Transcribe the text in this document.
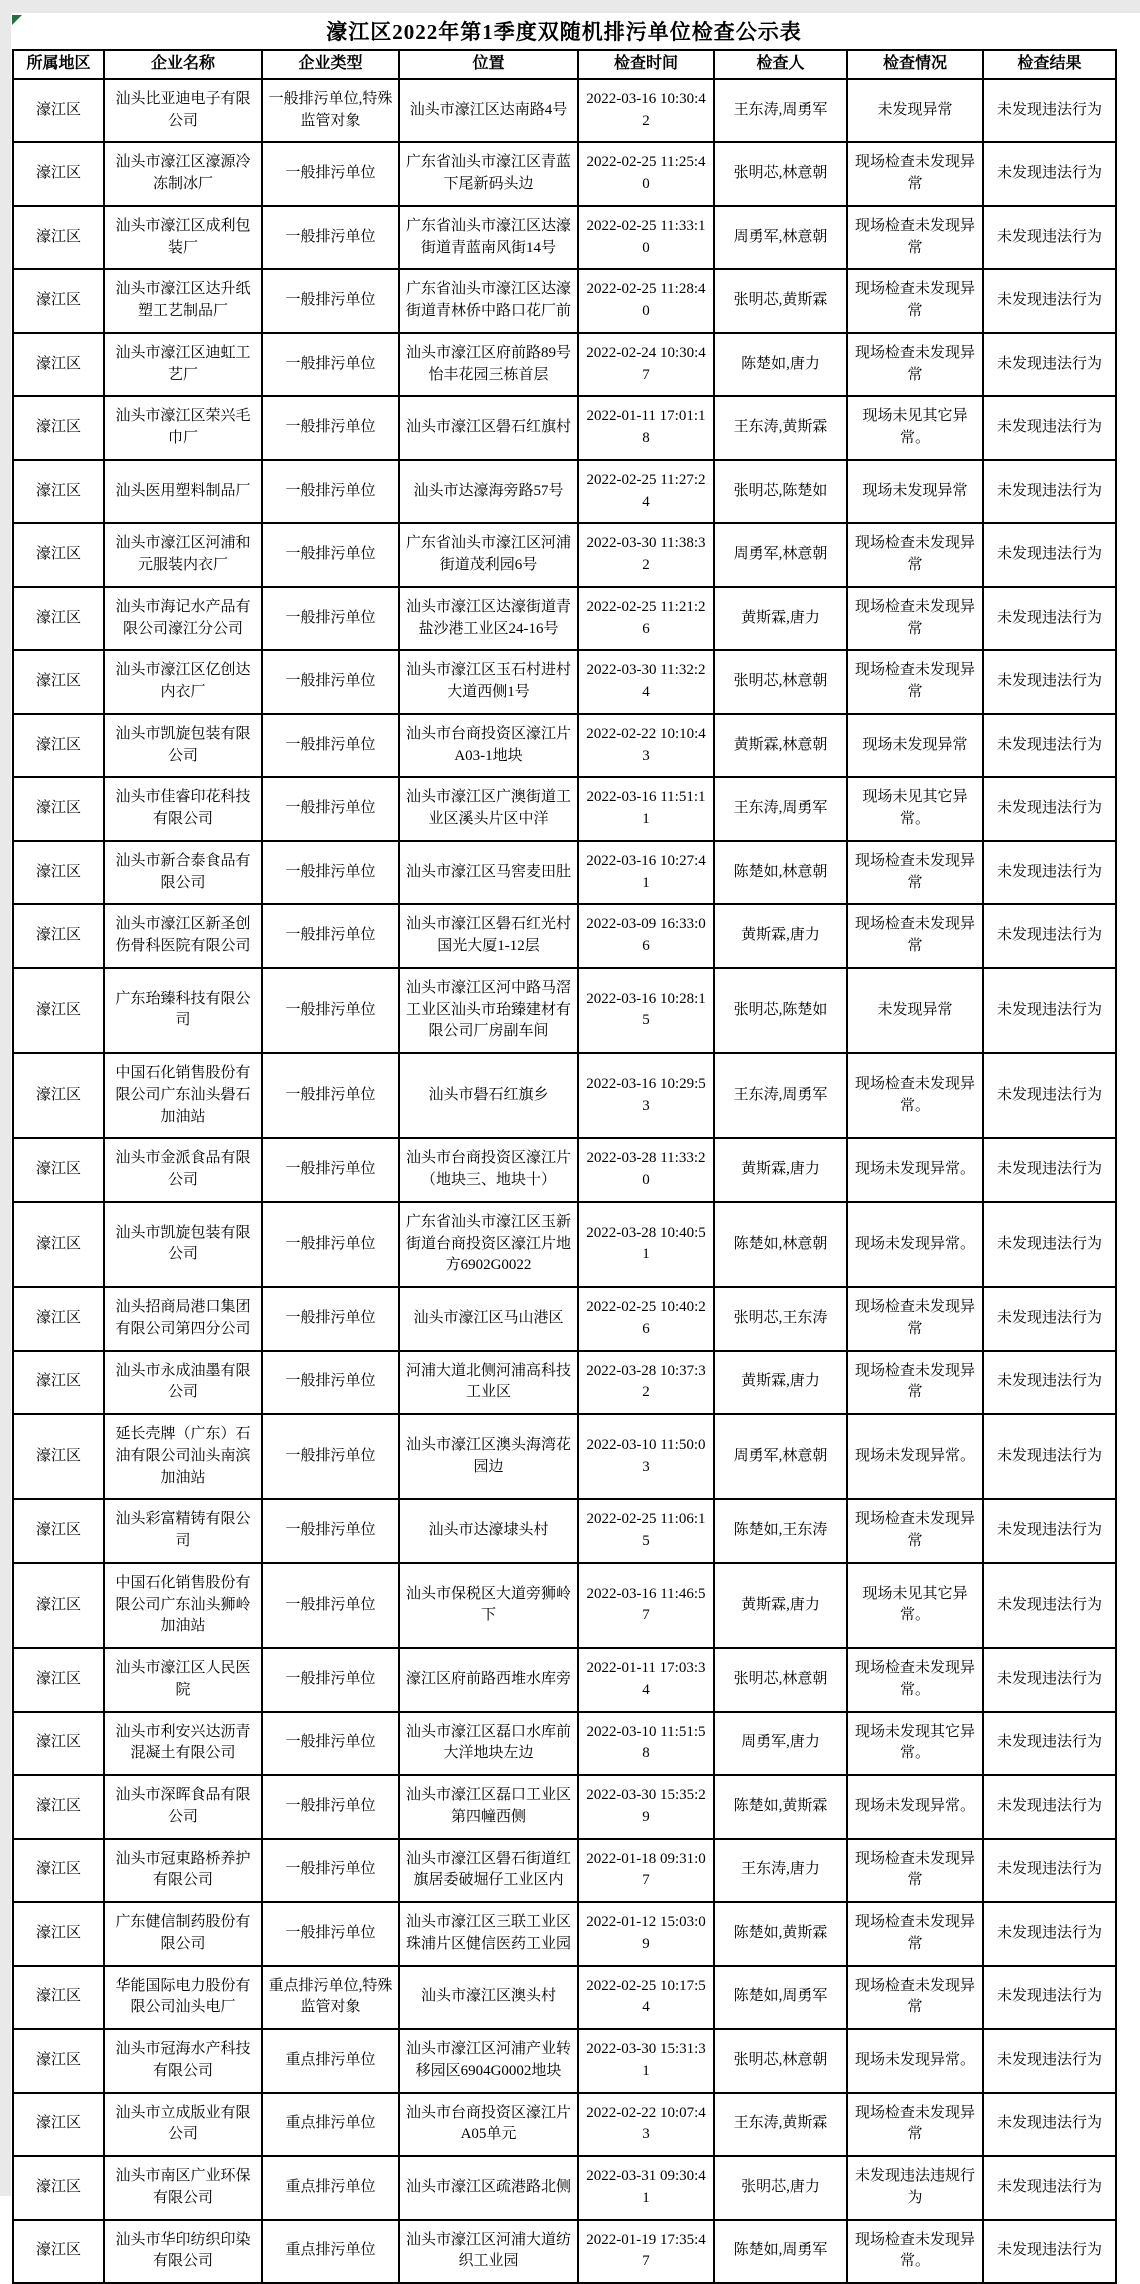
濠江区2022年第1季度双随机排污单位检查公示表
所属地区	企业名称	企业类型	位置	检查时间	检查人	检查情况	检查结果
濠江区	汕头比亚迪电子有限公司	一般排污单位,特殊监管对象	汕头市濠江区达南路4号	2022-03-16 10:30:42	王东涛,周勇军	未发现异常	未发现违法行为
濠江区	汕头市濠江区濠源冷冻制冰厂	一般排污单位	广东省汕头市濠江区青蓝下尾新码头边	2022-02-25 11:25:40	张明芯,林意朝	现场检查未发现异常	未发现违法行为
濠江区	汕头市濠江区成利包装厂	一般排污单位	广东省汕头市濠江区达濠街道青蓝南风街14号	2022-02-25 11:33:10	周勇军,林意朝	现场检查未发现异常	未发现违法行为
濠江区	汕头市濠江区达升纸塑工艺制品厂	一般排污单位	广东省汕头市濠江区达濠街道青林侨中路口花厂前	2022-02-25 11:28:40	张明芯,黄斯霖	现场检查未发现异常	未发现违法行为
濠江区	汕头市濠江区迪虹工艺厂	一般排污单位	汕头市濠江区府前路89号怡丰花园三栋首层	2022-02-24 10:30:47	陈楚如,唐力	现场检查未发现异常	未发现违法行为
濠江区	汕头市濠江区荣兴毛巾厂	一般排污单位	汕头市濠江区礐石红旗村	2022-01-11 17:01:18	王东涛,黄斯霖	现场未见其它异常。	未发现违法行为
濠江区	汕头医用塑料制品厂	一般排污单位	汕头市达濠海旁路57号	2022-02-25 11:27:24	张明芯,陈楚如	现场未发现异常	未发现违法行为
濠江区	汕头市濠江区河浦和元服装内衣厂	一般排污单位	广东省汕头市濠江区河浦街道茂利园6号	2022-03-30 11:38:32	周勇军,林意朝	现场检查未发现异常	未发现违法行为
濠江区	汕头市海记水产品有限公司濠江分公司	一般排污单位	汕头市濠江区达濠街道青盐沙港工业区24-16号	2022-02-25 11:21:26	黄斯霖,唐力	现场检查未发现异常	未发现违法行为
濠江区	汕头市濠江区亿创达内衣厂	一般排污单位	汕头市濠江区玉石村进村大道西侧1号	2022-03-30 11:32:24	张明芯,林意朝	现场检查未发现异常	未发现违法行为
濠江区	汕头市凯旋包装有限公司	一般排污单位	汕头市台商投资区濠江片A03-1地块	2022-02-22 10:10:43	黄斯霖,林意朝	现场未发现异常	未发现违法行为
濠江区	汕头市佳睿印花科技有限公司	一般排污单位	汕头市濠江区广澳街道工业区溪头片区中洋	2022-03-16 11:51:11	王东涛,周勇军	现场未见其它异常。	未发现违法行为
濠江区	汕头市新合泰食品有限公司	一般排污单位	汕头市濠江区马窖麦田肚	2022-03-16 10:27:41	陈楚如,林意朝	现场检查未发现异常	未发现违法行为
濠江区	汕头市濠江区新圣创伤骨科医院有限公司	一般排污单位	汕头市濠江区礐石红光村国光大厦1-12层	2022-03-09 16:33:06	黄斯霖,唐力	现场检查未发现异常	未发现违法行为
濠江区	广东珆臻科技有限公司	一般排污单位	汕头市濠江区河中路马滘工业区汕头市珆臻建材有限公司厂房副车间	2022-03-16 10:28:15	张明芯,陈楚如	未发现异常	未发现违法行为
濠江区	中国石化销售股份有限公司广东汕头礐石加油站	一般排污单位	汕头市礐石红旗乡	2022-03-16 10:29:53	王东涛,周勇军	现场检查未发现异常。	未发现违法行为
濠江区	汕头市金派食品有限公司	一般排污单位	汕头市台商投资区濠江片（地块三、地块十）	2022-03-28 11:33:20	黄斯霖,唐力	现场未发现异常。	未发现违法行为
濠江区	汕头市凯旋包装有限公司	一般排污单位	广东省汕头市濠江区玉新街道台商投资区濠江片地方6902G0022	2022-03-28 10:40:51	陈楚如,林意朝	现场未发现异常。	未发现违法行为
濠江区	汕头招商局港口集团有限公司第四分公司	一般排污单位	汕头市濠江区马山港区	2022-02-25 10:40:26	张明芯,王东涛	现场检查未发现异常	未发现违法行为
濠江区	汕头市永成油墨有限公司	一般排污单位	河浦大道北侧河浦高科技工业区	2022-03-28 10:37:32	黄斯霖,唐力	现场检查未发现异常	未发现违法行为
濠江区	延长壳牌（广东）石油有限公司汕头南滨加油站	一般排污单位	汕头市濠江区澳头海湾花园边	2022-03-10 11:50:03	周勇军,林意朝	现场未发现异常。	未发现违法行为
濠江区	汕头彩富精铸有限公司	一般排污单位	汕头市达濠埭头村	2022-02-25 11:06:15	陈楚如,王东涛	现场检查未发现异常	未发现违法行为
濠江区	中国石化销售股份有限公司广东汕头狮岭加油站	一般排污单位	汕头市保税区大道旁狮岭下	2022-03-16 11:46:57	黄斯霖,唐力	现场未见其它异常。	未发现违法行为
濠江区	汕头市濠江区人民医院	一般排污单位	濠江区府前路西堆水库旁	2022-01-11 17:03:34	张明芯,林意朝	现场检查未发现异常。	未发现违法行为
濠江区	汕头市利安兴达沥青混凝土有限公司	一般排污单位	汕头市濠江区磊口水库前大洋地块左边	2022-03-10 11:51:58	周勇军,唐力	现场未发现其它异常。	未发现违法行为
濠江区	汕头市深晖食品有限公司	一般排污单位	汕头市濠江区磊口工业区第四幢西侧	2022-03-30 15:35:29	陈楚如,黄斯霖	现场未发现异常。	未发现违法行为
濠江区	汕头市冠東路桥养护有限公司	一般排污单位	汕头市濠江区礐石街道红旗居委破堀仔工业区内	2022-01-18 09:31:07	王东涛,唐力	现场检查未发现异常	未发现违法行为
濠江区	广东健信制药股份有限公司	一般排污单位	汕头市濠江区三联工业区珠浦片区健信医药工业园	2022-01-12 15:03:09	陈楚如,黄斯霖	现场检查未发现异常	未发现违法行为
濠江区	华能国际电力股份有限公司汕头电厂	重点排污单位,特殊监管对象	汕头市濠江区澳头村	2022-02-25 10:17:54	陈楚如,周勇军	现场检查未发现异常	未发现违法行为
濠江区	汕头市冠海水产科技有限公司	重点排污单位	汕头市濠江区河浦产业转移园区6904G0002地块	2022-03-30 15:31:31	张明芯,林意朝	现场未发现异常。	未发现违法行为
濠江区	汕头市立成版业有限公司	重点排污单位	汕头市台商投资区濠江片A05单元	2022-02-22 10:07:43	王东涛,黄斯霖	现场检查未发现异常	未发现违法行为
濠江区	汕头市南区广业环保有限公司	重点排污单位	汕头市濠江区疏港路北侧	2022-03-31 09:30:41	张明芯,唐力	未发现违法违规行为	未发现违法行为
濠江区	汕头市华印纺织印染有限公司	重点排污单位	汕头市濠江区河浦大道纺织工业园	2022-01-19 17:35:47	陈楚如,周勇军	现场检查未发现异常。	未发现违法行为
